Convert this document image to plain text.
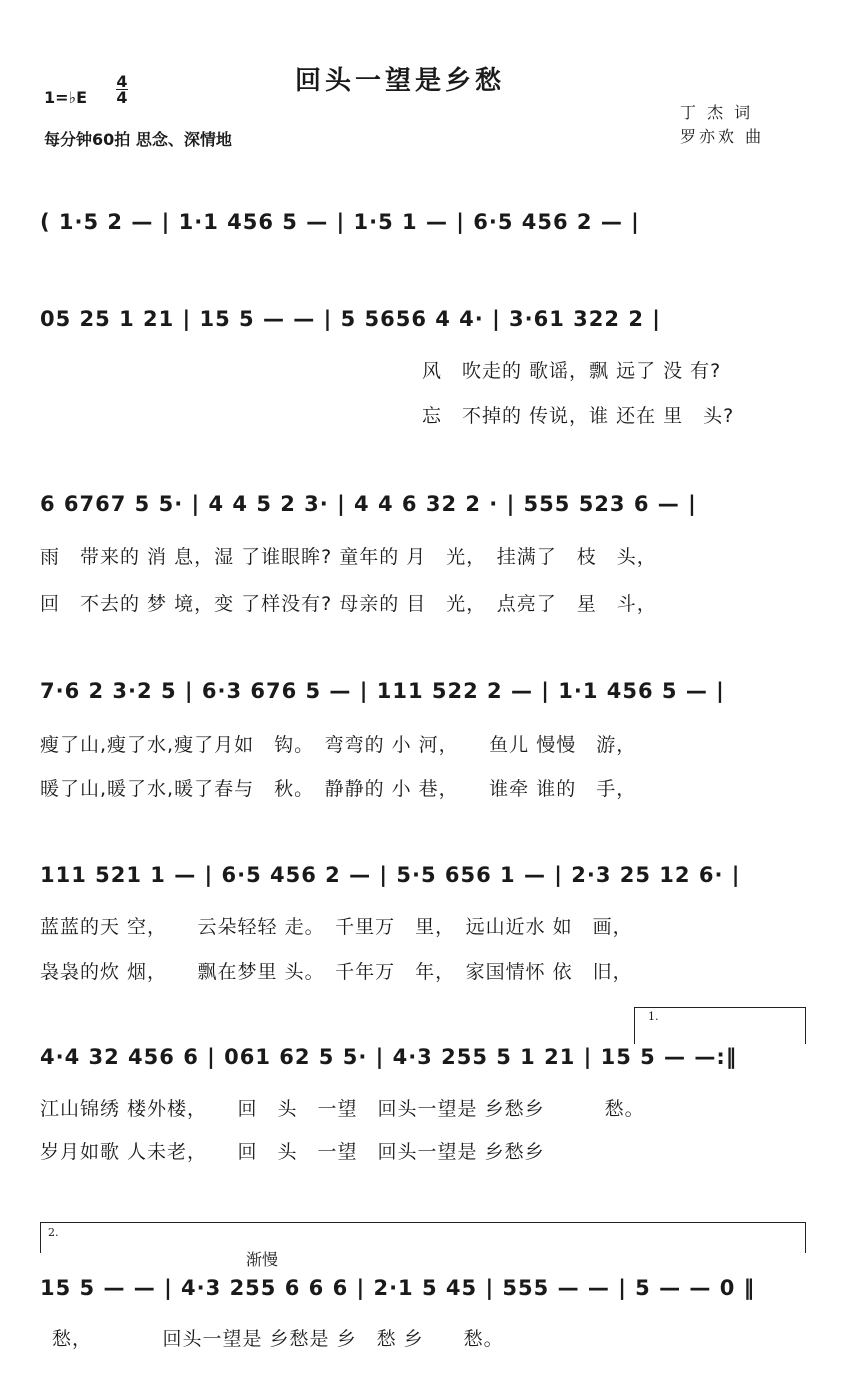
回头一望是乡愁
1=♭E
4
4
每分钟60拍 思念、深情地
丁 杰 词
罗亦欢 曲
( 1·5 2 — | 1·1 456 5 — | 1·5 1 — | 6·5 456 2 — |
05 25 1 21 | 15 5 — — | 5 5656 4 4· | 3·61 322 2 |
风　吹走的 歌谣，飘 远了 没 有?
忘　不掉的 传说，谁 还在 里　头?
6 6767 5 5· | 4 4 5 2 3· | 4 4 6 32 2 · | 555 523 6 — |
雨　带来的 消 息，湿 了谁眼眸? 童年的 月　光，　挂满了　枝　头，
回　不去的 梦 境，变 了样没有? 母亲的 目　光，　点亮了　星　斗，
7·6 2 3·2 5 | 6·3 676 5 — | 111 522 2 — | 1·1 456 5 — |
瘦了山,瘦了水,瘦了月如　钩。　弯弯的 小 河，　　鱼儿 慢慢　游，
暖了山,暖了水,暖了春与　秋。　静静的 小 巷，　　谁牵 谁的　手，
111 521 1 — | 6·5 456 2 — | 5·5 656 1 — | 2·3 25 12 6· |
蓝蓝的天 空，　　云朵轻轻 走。　千里万　里，　远山近水 如　画，
袅袅的炊 烟，　　飘在梦里 头。　千年万　年，　家国情怀 依　旧，
1.
4·4 32 456 6 | 061 62 5 5· | 4·3 255 5 1 21 | 15 5 — —:‖
江山锦绣 楼外楼，　　回　头　一望　回头一望是 乡愁乡　　　愁。
岁月如歌 人未老，　　回　头　一望　回头一望是 乡愁乡
2.
渐慢
15 5 — — | 4·3 255 6 6 6 | 2·1 5 45 | 555 — — | 5 — — 0 ‖
愁，　　　　回头一望是 乡愁是 乡　愁 乡　　愁。
